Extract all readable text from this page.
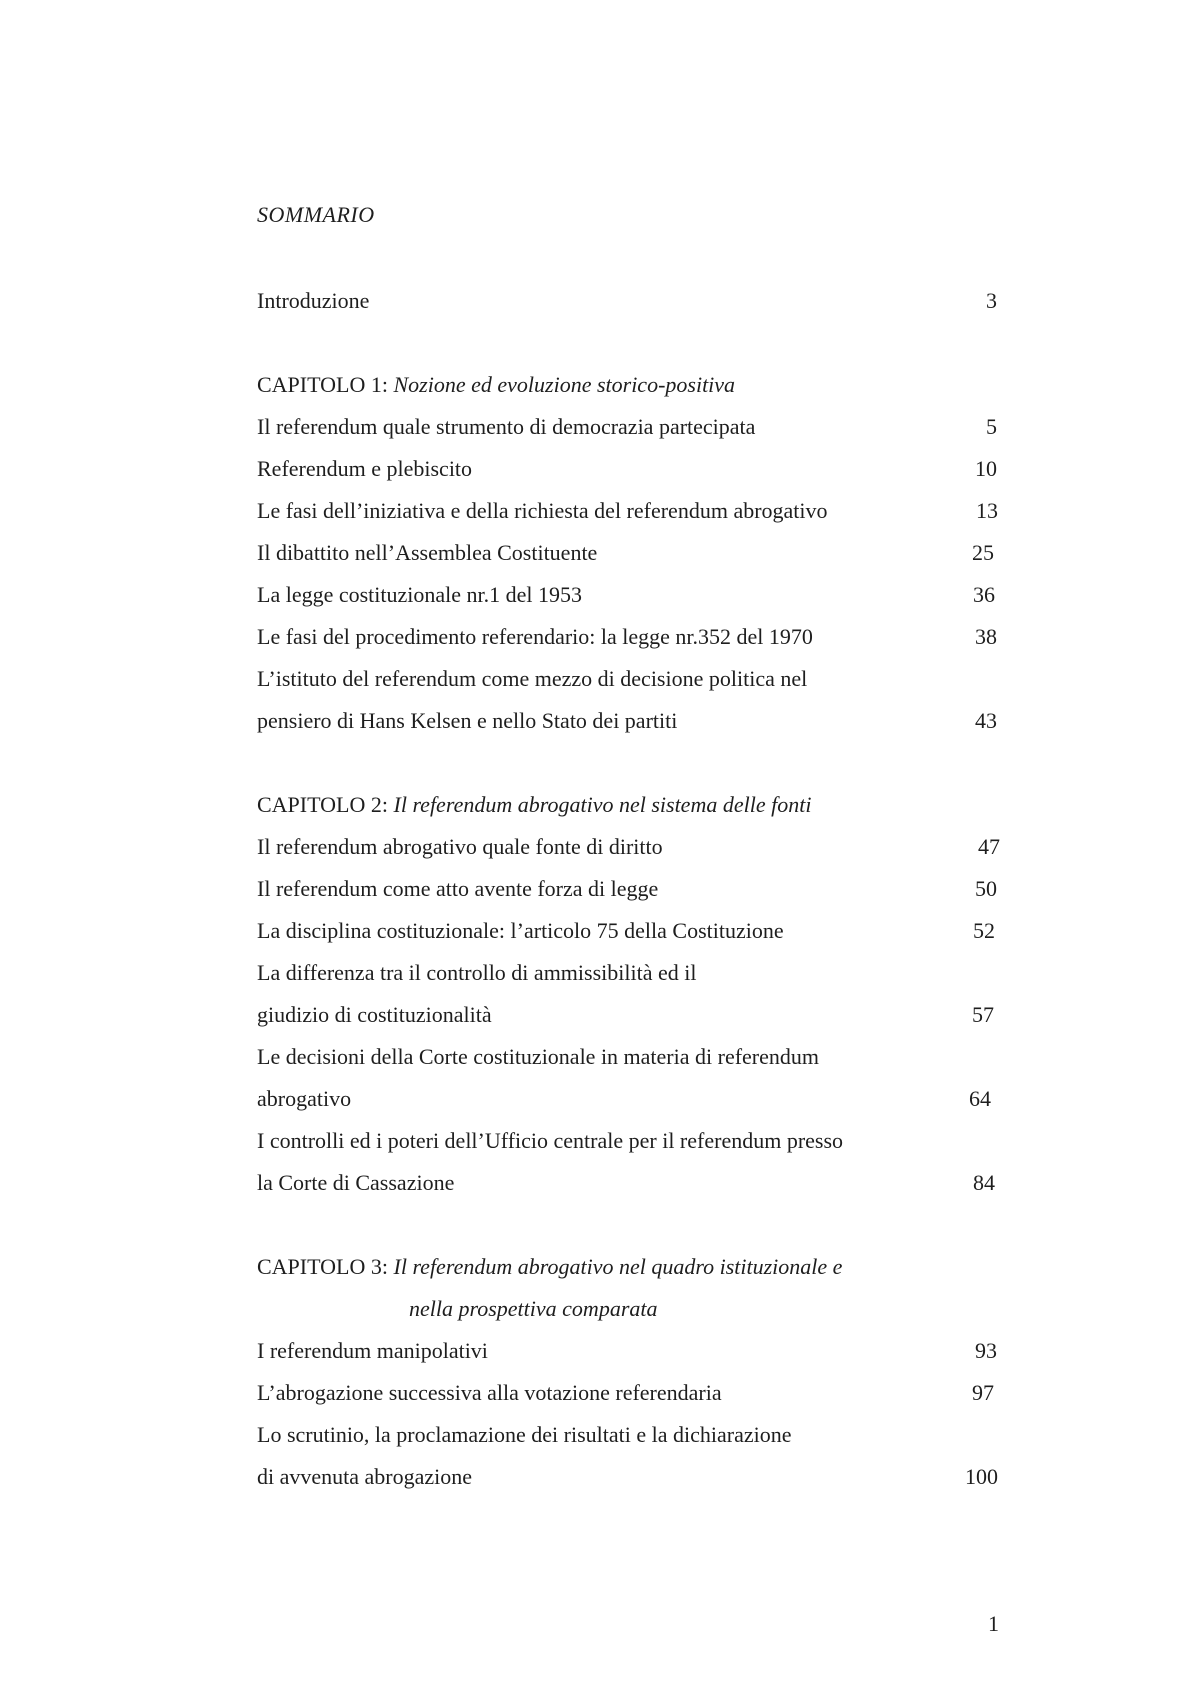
SOMMARIO
Introduzione	3
CAPITOLO 1: Nozione ed evoluzione storico-positiva
Il referendum quale strumento di democrazia partecipata	5
Referendum e plebiscito	10
Le fasi dell’iniziativa e della richiesta del referendum abrogativo	13
Il dibattito nell’Assemblea Costituente	25
La legge costituzionale nr.1 del 1953	36
Le fasi del procedimento referendario: la legge nr.352 del 1970	38
L’istituto del referendum come mezzo di decisione politica nel
pensiero di Hans Kelsen e nello Stato dei partiti	43
CAPITOLO 2: Il referendum abrogativo nel sistema delle fonti
Il referendum abrogativo quale fonte di diritto	47
Il referendum come atto avente forza di legge	50
La disciplina costituzionale: l’articolo 75 della Costituzione	52
La differenza tra il controllo di ammissibilità ed il
giudizio di costituzionalità	57
Le decisioni della Corte costituzionale in materia di referendum
abrogativo	64
I controlli ed i poteri dell’Ufficio centrale per il referendum presso
la Corte di Cassazione	84
CAPITOLO 3: Il referendum abrogativo nel quadro istituzionale e
nella prospettiva comparata
I referendum manipolativi	93
L’abrogazione successiva alla votazione referendaria	97
Lo scrutinio, la proclamazione dei risultati e la dichiarazione
di avvenuta abrogazione	100
1
